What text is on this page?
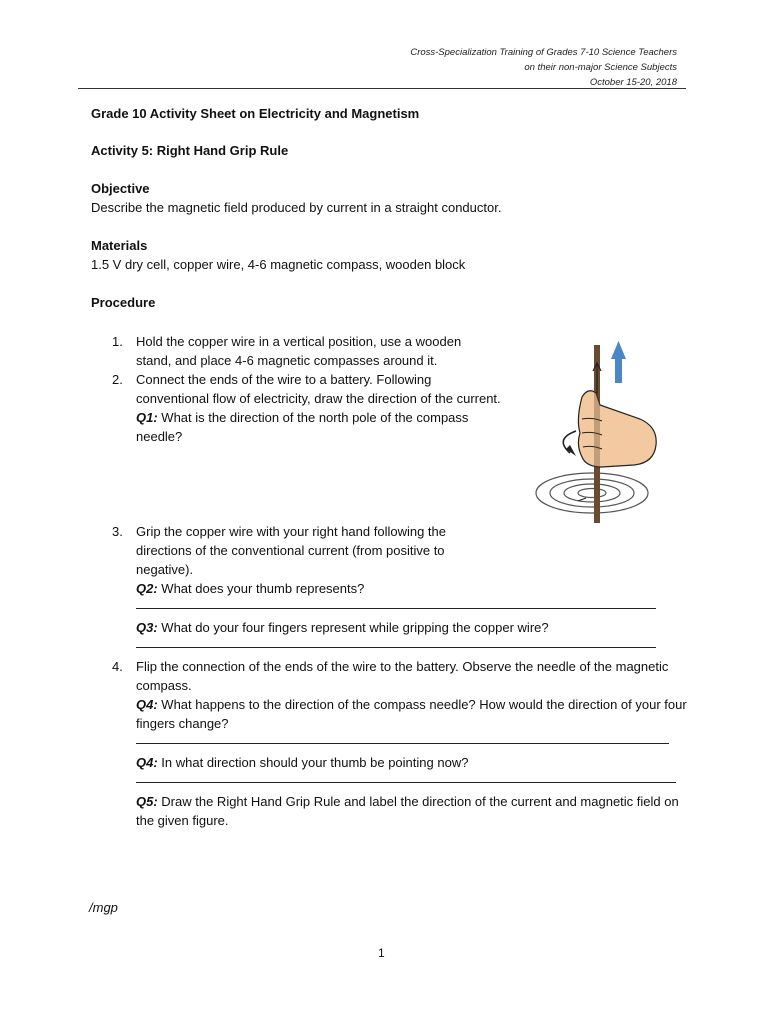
Cross-Specialization Training of Grades 7-10 Science Teachers
on their non-major Science Subjects
October 15-20, 2018
Grade 10 Activity Sheet on Electricity and Magnetism
Activity 5: Right Hand Grip Rule
Objective
Describe the magnetic field produced by current in a straight conductor.
Materials
1.5 V dry cell, copper wire, 4-6 magnetic compass, wooden block
Procedure
1. Hold the copper wire in a vertical position, use a wooden stand, and place 4-6 magnetic compasses around it.

2. Connect the ends of the wire to a battery. Following conventional flow of electricity, draw the direction of the current.

Q1: What is the direction of the north pole of the compass needle?

3. Grip the copper wire with your right hand following the directions of the conventional current (from positive to negative).

Q2: What does your thumb represents?

Q3: What do your four fingers represent while gripping the copper wire?

4. Flip the connection of the ends of the wire to the battery. Observe the needle of the magnetic compass.

Q4: What happens to the direction of the compass needle? How would the direction of your four fingers change?

Q4: In what direction should your thumb be pointing now?

Q5: Draw the Right Hand Grip Rule and label the direction of the current and magnetic field on the given figure.

/mgp
1
